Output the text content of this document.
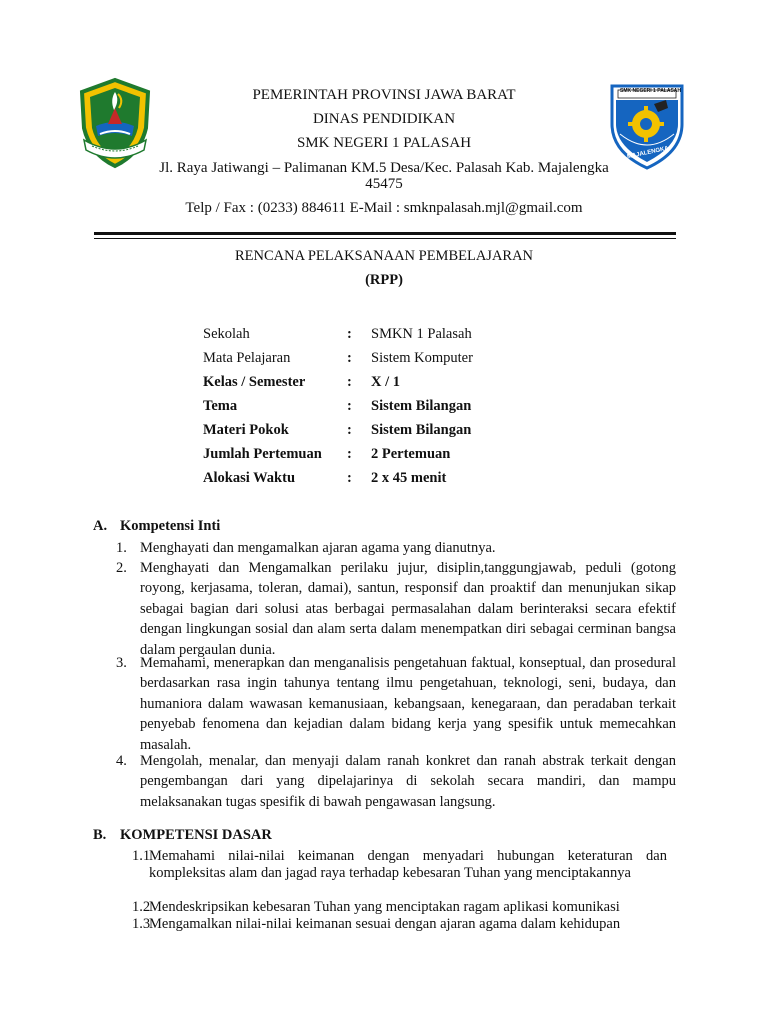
SMK NEGERI 1 PALASAH
MAJALENGKA
PEMERINTAH PROVINSI JAWA BARAT
DINAS PENDIDIKAN
SMK NEGERI 1 PALASAH
Jl. Raya Jatiwangi – Palimanan KM.5 Desa/Kec. Palasah Kab. Majalengka
45475
Telp / Fax : (0233) 884611 E-Mail : smknpalasah.mjl@gmail.com
RENCANA PELAKSANAAN PEMBELAJARAN
(RPP)
Sekolah	: SMKN 1 Palasah
Mata Pelajaran	: Sistem Komputer
Kelas / Semester	: X / 1
Tema	: Sistem Bilangan
Materi Pokok	: Sistem Bilangan
Jumlah Pertemuan : 2 Pertemuan
Alokasi Waktu	: 2 x 45 menit
A. Kompetensi Inti
1. Menghayati dan mengamalkan ajaran agama yang dianutnya.
2. Menghayati dan Mengamalkan perilaku jujur, disiplin,tanggungjawab, peduli (gotong royong, kerjasama, toleran, damai), santun, responsif dan proaktif dan menunjukan sikap sebagai bagian dari solusi atas berbagai permasalahan dalam berinteraksi secara efektif dengan lingkungan sosial dan alam serta dalam menempatkan diri sebagai cerminan bangsa dalam pergaulan dunia.
3. Memahami, menerapkan dan menganalisis pengetahuan faktual, konseptual, dan prosedural berdasarkan rasa ingin tahunya tentang ilmu pengetahuan, teknologi, seni, budaya, dan humaniora dalam wawasan kemanusiaan, kebangsaan, kenegaraan, dan peradaban terkait penyebab fenomena dan kejadian dalam bidang kerja yang spesifik untuk memecahkan masalah.
4. Mengolah, menalar, dan menyaji dalam ranah konkret dan ranah abstrak terkait dengan pengembangan dari yang dipelajarinya di sekolah secara mandiri, dan mampu melaksanakan tugas spesifik di bawah pengawasan langsung.
B. KOMPETENSI DASAR
1.1
Memahami nilai-nilai keimanan dengan menyadari hubungan keteraturan dan kompleksitas alam dan jagad raya terhadap kebesaran Tuhan yang menciptakannya
1.2
Mendeskripsikan kebesaran Tuhan yang menciptakan ragam aplikasi komunikasi
1.3
Mengamalkan nilai-nilai keimanan sesuai dengan ajaran agama dalam kehidupan
